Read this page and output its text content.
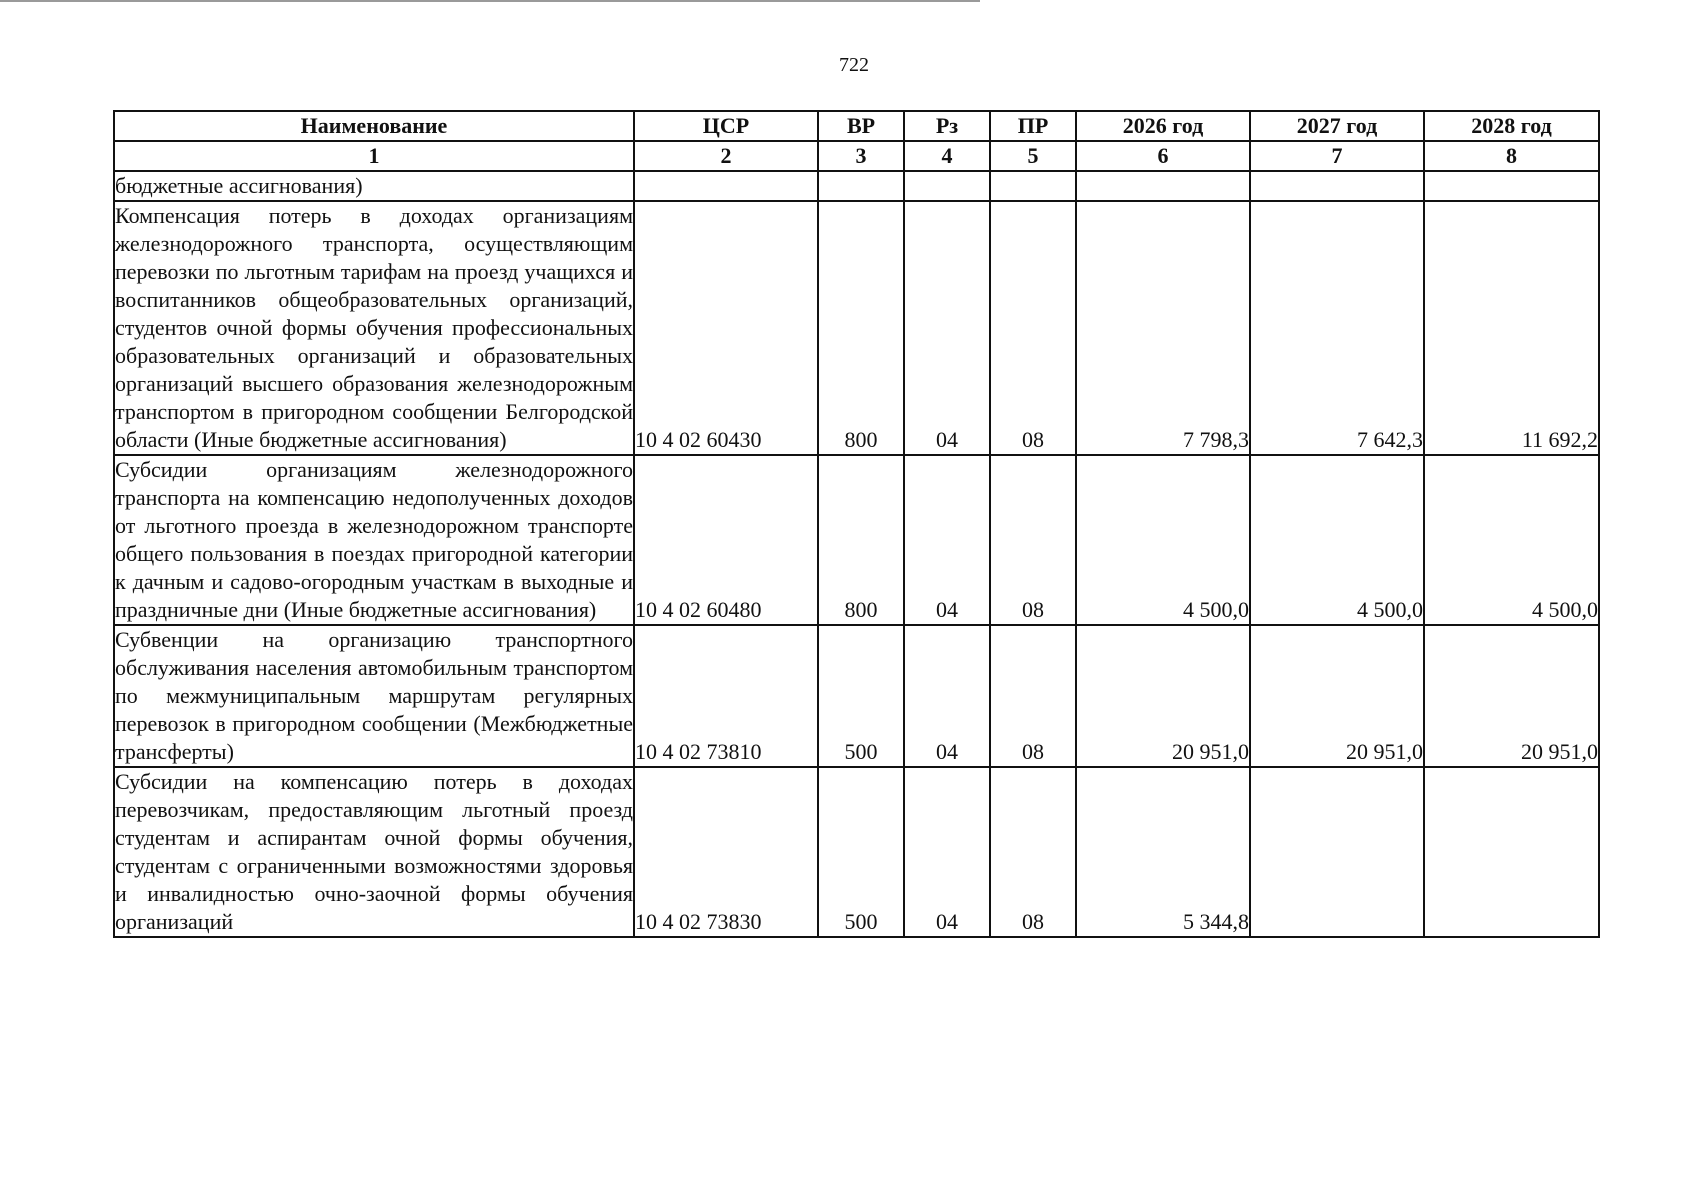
722
Наименование	ЦСР	ВР	Рз	ПР	2026 год	2027 год	2028 год
1	2	3	4	5	6	7	8
бюджетные ассигнования)							
Компенсация потерь в доходах организациям железнодорожного транспорта, осуществляющим перевозки по льготным тарифам на проезд учащихся и воспитанников общеобразовательных организаций, студентов очной формы обучения профессиональных образовательных организаций и образовательных организаций высшего образования железнодорожным транспортом в пригородном сообщении Белгородской области (Иные бюджетные ассигнования)	10 4 02 60430	800	04	08	7 798,3	7 642,3	11 692,2
Субсидии организациям железнодорожного транспорта на компенсацию недополученных доходов от льготного проезда в железнодорожном транспорте общего пользования в поездах пригородной категории к дачным и садово-огородным участкам в выходные и праздничные дни (Иные бюджетные ассигнования)	10 4 02 60480	800	04	08	4 500,0	4 500,0	4 500,0
Субвенции на организацию транспортного обслуживания населения автомобильным транспортом по межмуниципальным маршрутам регулярных перевозок в пригородном сообщении (Межбюджетные трансферты)	10 4 02 73810	500	04	08	20 951,0	20 951,0	20 951,0
Субсидии на компенсацию потерь в доходах перевозчикам, предоставляющим льготный проезд студентам и аспирантам очной формы обучения, студентам с ограниченными возможностями здоровья и инвалидностью очно-заочной формы обучения организаций	10 4 02 73830	500	04	08	5 344,8		
